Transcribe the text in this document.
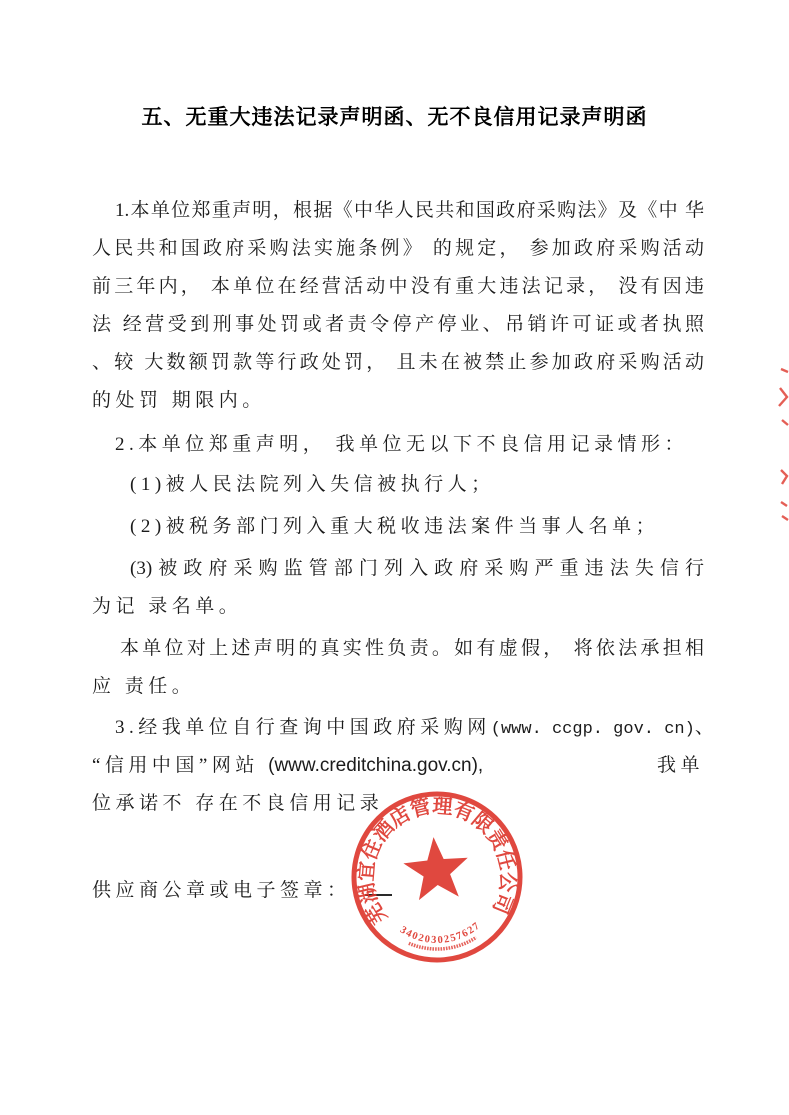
五、无重大违法记录声明函、无不良信用记录声明函
1.本单位郑重声明，根据《中华人民共和国政府采购法》及《中 华
人民共和国政府采购法实施条例》 的规定， 参加政府采购活动
前三年内， 本单位在经营活动中没有重大违法记录， 没有因违
法 经营受到刑事处罚或者责令停产停业、吊销许可证或者执照
、较 大数额罚款等行政处罚， 且未在被禁止参加政府采购活动
的处罚 期限内。
2.本单位郑重声明， 我单位无以下不良信用记录情形：
(1)被人民法院列入失信被执行人；
(2)被税务部门列入重大税收违法案件当事人名单；
(3)被政府采购监管部门列入政府采购严重违法失信行
为记 录名单。
本单位对上述声明的真实性负责。如有虚假， 将依法承担相
应 责任。
3.经我单位自行查询中国政府采购网(www. ccgp. gov. cn)、
“信用中国”网站 (www.creditchina.gov.cn),	我单
位承诺不 存在不良信用记录
供应商公章或电子签章：
芜湖宜住酒店管理有限责任公司
3402030257627
